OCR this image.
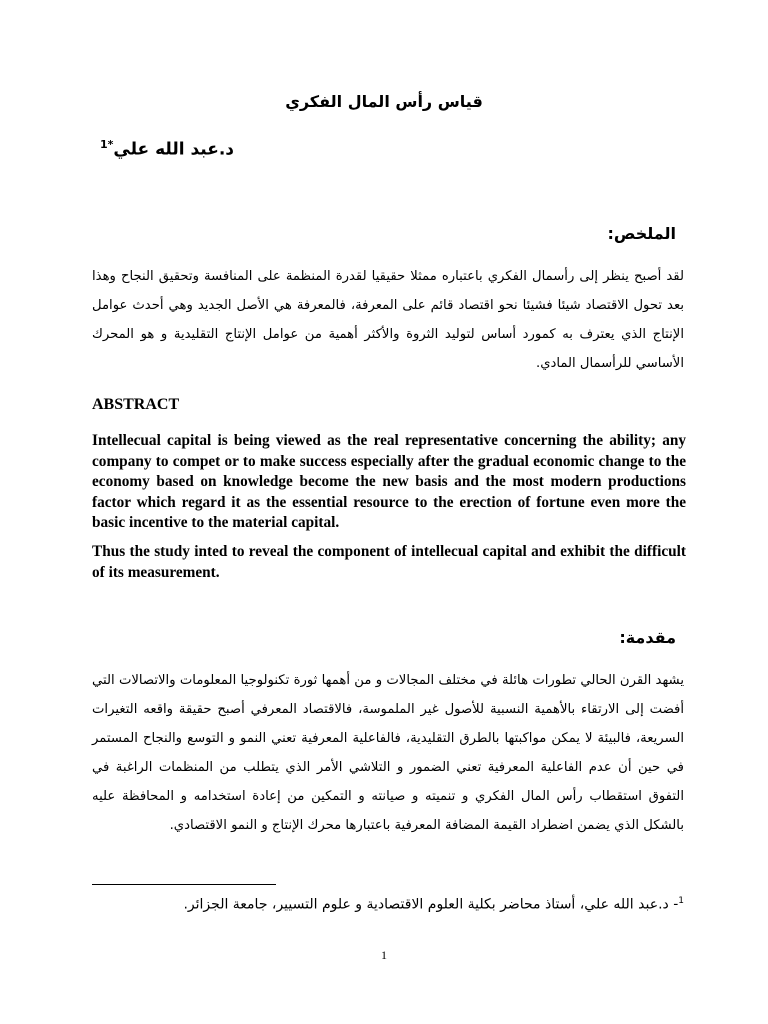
قياس رأس المال الفكري
د.عبد الله علي$^{*1}$
الملخص:
لقد أصبح ينظر إلى رأسمال الفكري باعتباره ممثلا حقيقيا لقدرة المنظمة على المنافسة وتحقيق النجاح وهذا بعد تحول الاقتصاد شيئا فشيئا نحو اقتصاد قائم على المعرفة، فالمعرفة هي الأصل الجديد وهي أحدث عوامل الإنتاج الذي يعترف به كمورد أساس لتوليد الثروة والأكثر أهمية من عوامل الإنتاج التقليدية و هو المحرك الأساسي للرأسمال المادي.
ABSTRACT
Intellecual capital is being viewed as the real representative concerning the ability; any company to compet or to make success especially after the gradual economic change to the economy based on knowledge become the new basis and the most modern productions factor which regard it as the essential resource to the erection of fortune even more the basic incentive to the material capital.
Thus the study inted to reveal the component of intellecual capital and exhibit the difficult of its measurement.
مقدمة:
يشهد القرن الحالي تطورات هائلة في مختلف المجالات و من أهمها ثورة تكنولوجيا المعلومات والاتصالات التي أفضت إلى الارتقاء بالأهمية النسبية للأصول غير الملموسة، فالاقتصاد المعرفي أصبح حقيقة واقعه التغيرات السريعة، فالبيئة لا يمكن مواكبتها بالطرق التقليدية، فالفاعلية المعرفية تعني النمو و التوسع والنجاح المستمر في حين أن عدم الفاعلية المعرفية تعني الضمور و التلاشي الأمر الذي يتطلب من المنظمات الراغبة في التفوق استقطاب رأس المال الفكري و تنميته و صيانته و التمكين من إعادة استخدامه و المحافظة عليه بالشكل الذي يضمن اضطراد القيمة المضافة المعرفية باعتبارها محرك الإنتاج و النمو الاقتصادي.
$^1$- د.عبد الله علي، أستاذ محاضر بكلية العلوم الاقتصادية و علوم التسيير، جامعة الجزائر.
1
